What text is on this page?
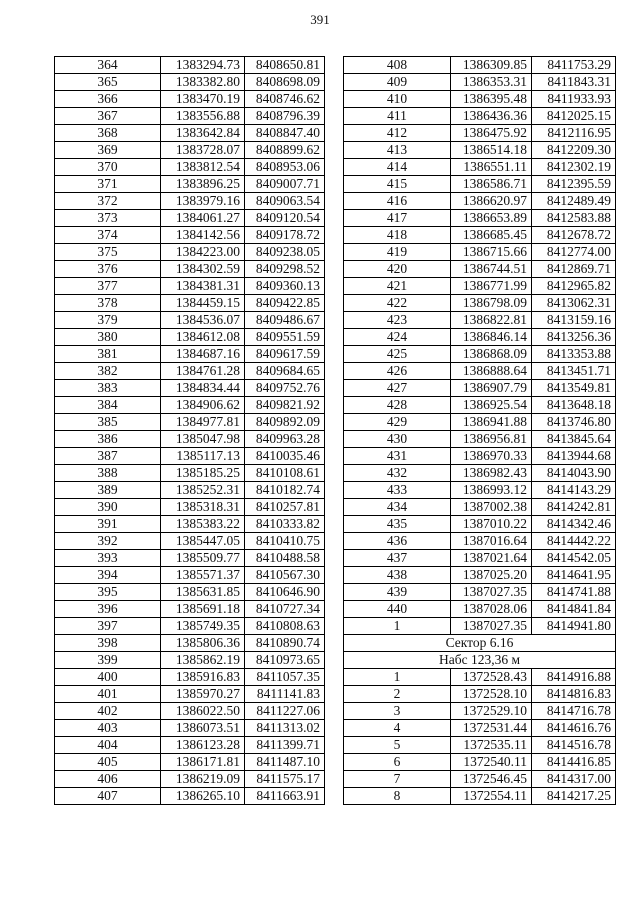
391
364	1383294.73	8408650.81
365	1383382.80	8408698.09
366	1383470.19	8408746.62
367	1383556.88	8408796.39
368	1383642.84	8408847.40
369	1383728.07	8408899.62
370	1383812.54	8408953.06
371	1383896.25	8409007.71
372	1383979.16	8409063.54
373	1384061.27	8409120.54
374	1384142.56	8409178.72
375	1384223.00	8409238.05
376	1384302.59	8409298.52
377	1384381.31	8409360.13
378	1384459.15	8409422.85
379	1384536.07	8409486.67
380	1384612.08	8409551.59
381	1384687.16	8409617.59
382	1384761.28	8409684.65
383	1384834.44	8409752.76
384	1384906.62	8409821.92
385	1384977.81	8409892.09
386	1385047.98	8409963.28
387	1385117.13	8410035.46
388	1385185.25	8410108.61
389	1385252.31	8410182.74
390	1385318.31	8410257.81
391	1385383.22	8410333.82
392	1385447.05	8410410.75
393	1385509.77	8410488.58
394	1385571.37	8410567.30
395	1385631.85	8410646.90
396	1385691.18	8410727.34
397	1385749.35	8410808.63
398	1385806.36	8410890.74
399	1385862.19	8410973.65
400	1385916.83	8411057.35
401	1385970.27	8411141.83
402	1386022.50	8411227.06
403	1386073.51	8411313.02
404	1386123.28	8411399.71
405	1386171.81	8411487.10
406	1386219.09	8411575.17
407	1386265.10	8411663.91
408	1386309.85	8411753.29
409	1386353.31	8411843.31
410	1386395.48	8411933.93
411	1386436.36	8412025.15
412	1386475.92	8412116.95
413	1386514.18	8412209.30
414	1386551.11	8412302.19
415	1386586.71	8412395.59
416	1386620.97	8412489.49
417	1386653.89	8412583.88
418	1386685.45	8412678.72
419	1386715.66	8412774.00
420	1386744.51	8412869.71
421	1386771.99	8412965.82
422	1386798.09	8413062.31
423	1386822.81	8413159.16
424	1386846.14	8413256.36
425	1386868.09	8413353.88
426	1386888.64	8413451.71
427	1386907.79	8413549.81
428	1386925.54	8413648.18
429	1386941.88	8413746.80
430	1386956.81	8413845.64
431	1386970.33	8413944.68
432	1386982.43	8414043.90
433	1386993.12	8414143.29
434	1387002.38	8414242.81
435	1387010.22	8414342.46
436	1387016.64	8414442.22
437	1387021.64	8414542.05
438	1387025.20	8414641.95
439	1387027.35	8414741.88
440	1387028.06	8414841.84
1	1387027.35	8414941.80
Сектор 6.16		
Набс 123,36 м		
1	1372528.43	8414916.88
2	1372528.10	8414816.83
3	1372529.10	8414716.78
4	1372531.44	8414616.76
5	1372535.11	8414516.78
6	1372540.11	8414416.85
7	1372546.45	8414317.00
8	1372554.11	8414217.25
